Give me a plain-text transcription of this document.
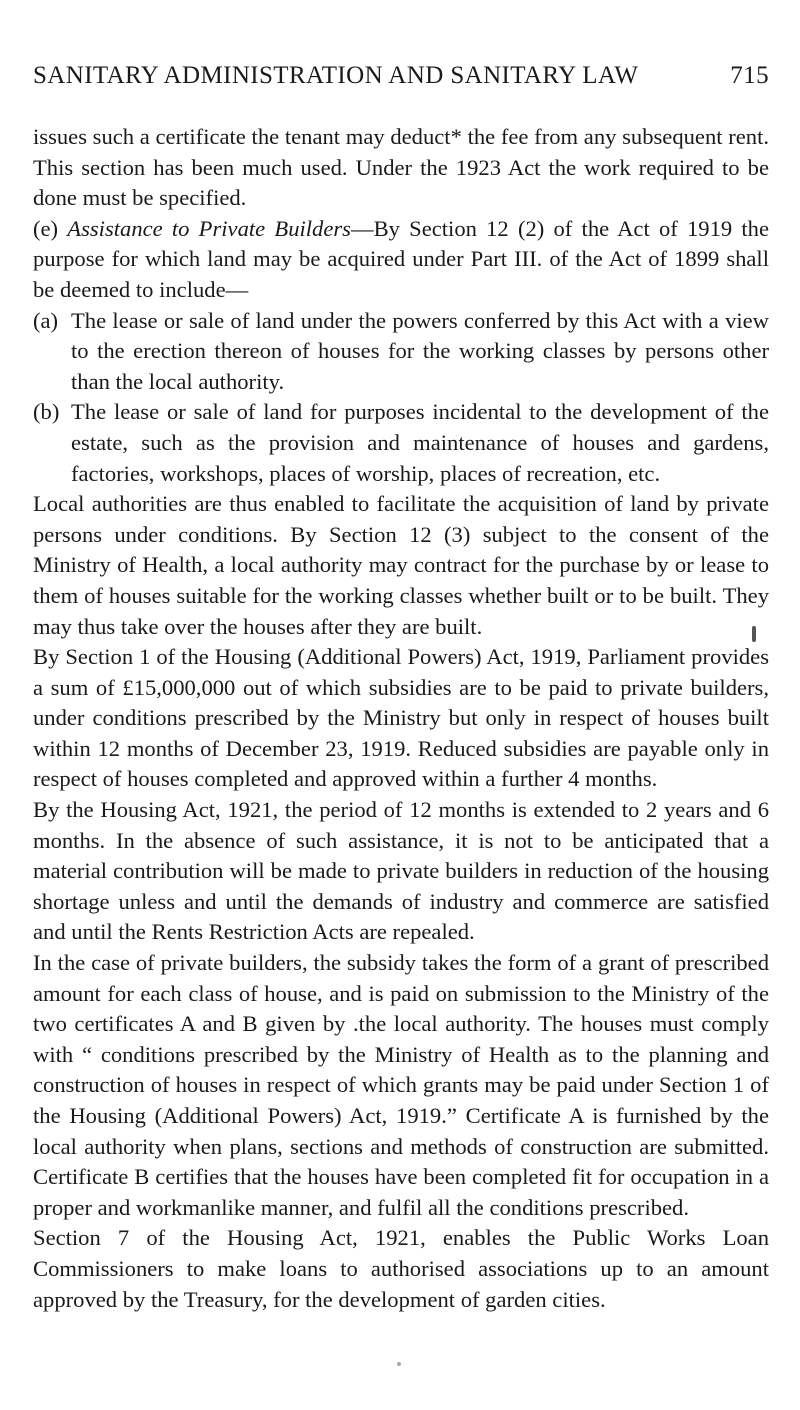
SANITARY ADMINISTRATION AND SANITARY LAW	715

issues such a certificate the tenant may deduct* the fee from any subsequent rent. This section has been much used. Under the 1923 Act the work required to be done must be specified.

(e) Assistance to Private Builders—By Section 12 (2) of the Act of 1919 the purpose for which land may be acquired under Part III. of the Act of 1899 shall be deemed to include—

(a) The lease or sale of land under the powers conferred by this Act with a view to the erection thereon of houses for the working classes by persons other than the local authority.
(b) The lease or sale of land for purposes incidental to the development of the estate, such as the provision and maintenance of houses and gardens, factories, workshops, places of worship, places of recreation, etc.

Local authorities are thus enabled to facilitate the acquisition of land by private persons under conditions. By Section 12 (3) subject to the consent of the Ministry of Health, a local authority may contract for the purchase by or lease to them of houses suitable for the working classes whether built or to be built. They may thus take over the houses after they are built.

By Section 1 of the Housing (Additional Powers) Act, 1919, Parliament provides a sum of £15,000,000 out of which subsidies are to be paid to private builders, under conditions prescribed by the Ministry but only in respect of houses built within 12 months of December 23, 1919. Reduced subsidies are payable only in respect of houses completed and approved within a further 4 months.

By the Housing Act, 1921, the period of 12 months is extended to 2 years and 6 months. In the absence of such assistance, it is not to be anticipated that a material contribution will be made to private builders in reduction of the housing shortage unless and until the demands of industry and commerce are satisfied and until the Rents Restriction Acts are repealed.

In the case of private builders, the subsidy takes the form of a grant of prescribed amount for each class of house, and is paid on submission to the Ministry of the two certificates A and B given by .the local authority. The houses must comply with “ conditions prescribed by the Ministry of Health as to the planning and construction of houses in respect of which grants may be paid under Section 1 of the Housing (Additional Powers) Act, 1919.” Certificate A is furnished by the local authority when plans, sections and methods of construction are submitted. Certificate B certifies that the houses have been completed fit for occupation in a proper and workmanlike manner, and fulfil all the conditions prescribed.

Section 7 of the Housing Act, 1921, enables the Public Works Loan Commissioners to make loans to authorised associations up to an amount approved by the Treasury, for the development of garden cities.
